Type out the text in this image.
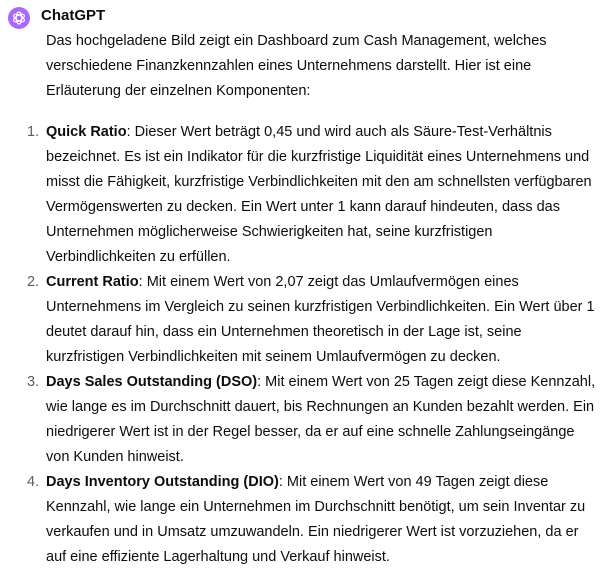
ChatGPT

Das hochgeladene Bild zeigt ein Dashboard zum Cash Management, welches verschiedene Finanzkennzahlen eines Unternehmens darstellt. Hier ist eine Erläuterung der einzelnen Komponenten:

1. Quick Ratio: Dieser Wert beträgt 0,45 und wird auch als Säure-Test-Verhältnis bezeichnet. Es ist ein Indikator für die kurzfristige Liquidität eines Unternehmens und misst die Fähigkeit, kurzfristige Verbindlichkeiten mit den am schnellsten verfügbaren Vermögenswerten zu decken. Ein Wert unter 1 kann darauf hindeuten, dass das Unternehmen möglicherweise Schwierigkeiten hat, seine kurzfristigen Verbindlichkeiten zu erfüllen.
2. Current Ratio: Mit einem Wert von 2,07 zeigt das Umlaufvermögen eines Unternehmens im Vergleich zu seinen kurzfristigen Verbindlichkeiten. Ein Wert über 1 deutet darauf hin, dass ein Unternehmen theoretisch in der Lage ist, seine kurzfristigen Verbindlichkeiten mit seinem Umlaufvermögen zu decken.
3. Days Sales Outstanding (DSO): Mit einem Wert von 25 Tagen zeigt diese Kennzahl, wie lange es im Durchschnitt dauert, bis Rechnungen an Kunden bezahlt werden. Ein niedrigerer Wert ist in der Regel besser, da er auf eine schnelle Zahlungseingänge von Kunden hinweist.
4. Days Inventory Outstanding (DIO): Mit einem Wert von 49 Tagen zeigt diese Kennzahl, wie lange ein Unternehmen im Durchschnitt benötigt, um sein Inventar zu verkaufen und in Umsatz umzuwandeln. Ein niedrigerer Wert ist vorzuziehen, da er auf eine effiziente Lagerhaltung und Verkauf hinweist.
